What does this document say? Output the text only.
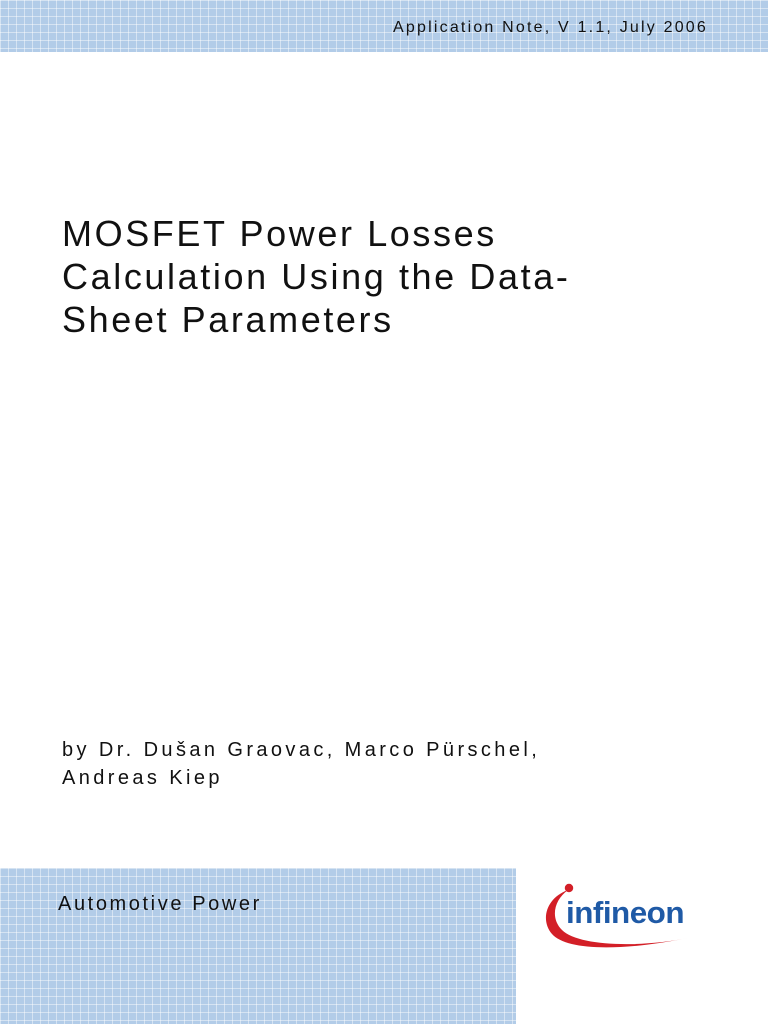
Application Note, V 1.1, July 2006
MOSFET Power Losses
Calculation Using the Data-
Sheet Parameters
by Dr. Dušan Graovac, Marco Pürschel,
Andreas Kiep
Automotive Power	infineon
